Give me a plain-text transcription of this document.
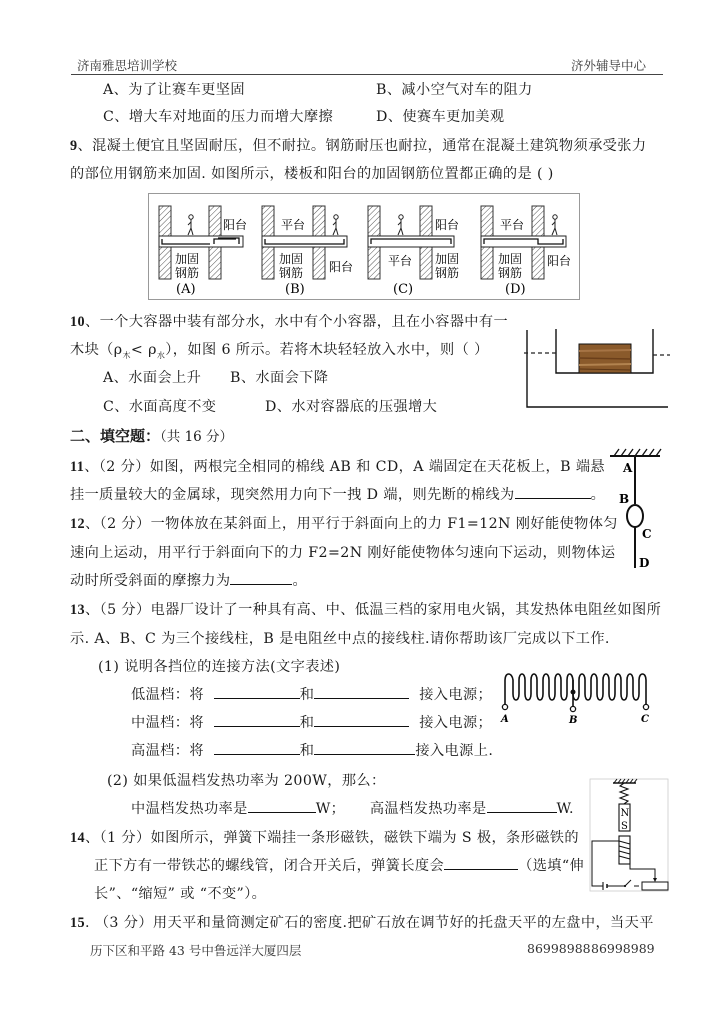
济南雅思培训学校	济外辅导中心
A、为了让赛车更坚固	B、减小空气对车的阻力
C、增大车对地面的压力而增大摩擦	D、使赛车更加美观
9、混凝土便宜且坚固耐压，但不耐拉。钢筋耐压也耐拉，通常在混凝土建筑物须承受张力
的部位用钢筋来加固. 如图所示，楼板和阳台的加固钢筋位置都正确的是 ( )
阳台
加固
钢筋
(A)
平台
加固
钢筋 阳台
(B)
阳台
平台 加固
钢筋
(C)
平台
加固
钢筋
阳台
(D)
10、一个大容器中装有部分水，水中有个小容器，且在小容器中有一
木块$(\rho_木< \rho_水)$，如图 6 所示。若将木块轻轻放入水中，则（ ）
A、水面会上升 B、水面会下降
C、水面高度不变	D、水对容器底的压强增大
二、填空题：（共 16 分）
11、（2 分）如图，两根完全相同的棉线 AB 和 CD，A 端固定在天花板上，B 端悬
挂一质量较大的金属球，现突然用力向下一拽 D 端，则先断的棉线为	。
A
B
C
D
12、（2 分）一物体放在某斜面上，用平行于斜面向上的力 F1=12N 刚好能使物体匀
速向上运动，用平行于斜面向下的力 F2=2N 刚好能使物体匀速向下运动，则物体运
动时所受斜面的摩擦力为	。
13、（5 分）电器厂设计了一种具有高、中、低温三档的家用电火锅，其发热体电阻丝如图所
示. A、B、C 为三个接线柱，B 是电阻丝中点的接线柱.请你帮助该厂完成以下工作.
(1) 说明各挡位的连接方法(文字表述)
低温档：将	和	接入电源；
中温档：将	和	接入电源；
高温档：将	和	接入电源上.
A	B	C
(2) 如果低温档发热功率为 200W，那么：
中温档发热功率是	W； 高温档发热功率是	W.
14、（1 分）如图所示，弹簧下端挂一条形磁铁，磁铁下端为 S 极，条形磁铁的
正下方有一带铁芯的螺线管，闭合开关后，弹簧长度会	（选填“伸
长”、“缩短” 或 “不变”）。
N
S
15. （3 分）用天平和量筒测定矿石的密度.把矿石放在调节好的托盘天平的左盘中，当天平
历下区和平路 43 号中鲁远洋大厦四层	86998988 86998989
